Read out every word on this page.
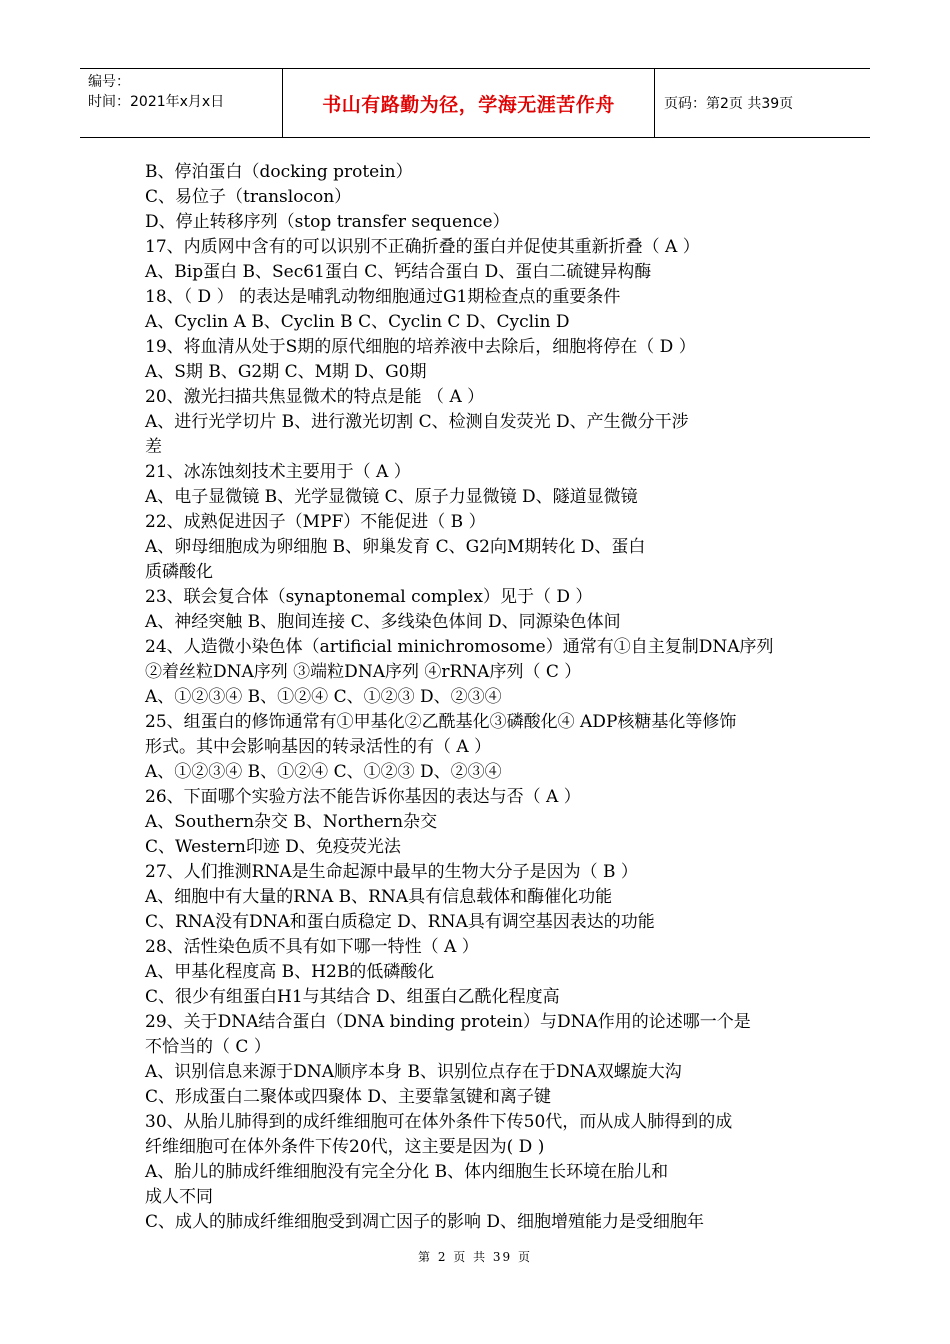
编号：
时间：2021年x月x日	书山有路勤为径，学海无涯苦作舟	页码：第2页 共39页
B、停泊蛋白（docking protein）
C、易位子（translocon）
D、停止转移序列（stop transfer sequence）
17、内质网中含有的可以识别不正确折叠的蛋白并促使其重新折叠（ A ）
A、Bip蛋白 B、Sec61蛋白 C、钙结合蛋白 D、蛋白二硫键异构酶
18、（ D ） 的表达是哺乳动物细胞通过G1期检查点的重要条件
A、Cyclin A B、Cyclin B C、Cyclin C D、Cyclin D
19、将血清从处于S期的原代细胞的培养液中去除后，细胞将停在（ D ）
A、S期 B、G2期 C、M期 D、G0期
20、激光扫描共焦显微术的特点是能 （ A ）
A、进行光学切片 B、进行激光切割 C、检测自发荧光 D、产生微分干涉
差
21、冰冻蚀刻技术主要用于（ A ）
A、电子显微镜 B、光学显微镜 C、原子力显微镜 D、隧道显微镜
22、成熟促进因子（MPF）不能促进（ B ）
A、卵母细胞成为卵细胞 B、卵巢发育 C、G2向M期转化 D、蛋白
质磷酸化
23、联会复合体（synaptonemal complex）见于（ D ）
A、神经突触 B、胞间连接 C、多线染色体间 D、同源染色体间
24、人造微小染色体（artificial minichromosome）通常有①自主复制DNA序列
②着丝粒DNA序列 ③端粒DNA序列 ④rRNA序列（ C ）
A、①②③④ B、①②④ C、①②③ D、②③④
25、组蛋白的修饰通常有①甲基化②乙酰基化③磷酸化④ ADP核糖基化等修饰
形式。其中会影响基因的转录活性的有（ A ）
A、①②③④ B、①②④ C、①②③ D、②③④
26、下面哪个实验方法不能告诉你基因的表达与否（ A ）
A、Southern杂交 B、Northern杂交
C、Western印迹 D、免疫荧光法
27、人们推测RNA是生命起源中最早的生物大分子是因为（ B ）
A、细胞中有大量的RNA B、RNA具有信息载体和酶催化功能
C、RNA没有DNA和蛋白质稳定 D、RNA具有调空基因表达的功能
28、活性染色质不具有如下哪一特性（ A ）
A、甲基化程度高 B、H2B的低磷酸化
C、很少有组蛋白H1与其结合 D、组蛋白乙酰化程度高
29、关于DNA结合蛋白（DNA binding protein）与DNA作用的论述哪一个是
不恰当的（ C ）
A、识别信息来源于DNA顺序本身 B、识别位点存在于DNA双螺旋大沟
C、形成蛋白二聚体或四聚体 D、主要靠氢键和离子键
30、从胎儿肺得到的成纤维细胞可在体外条件下传50代，而从成人肺得到的成
纤维细胞可在体外条件下传20代，这主要是因为( D )
A、胎儿的肺成纤维细胞没有完全分化 B、体内细胞生长环境在胎儿和
成人不同
C、成人的肺成纤维细胞受到凋亡因子的影响 D、细胞增殖能力是受细胞年
第 2 页 共 39 页
